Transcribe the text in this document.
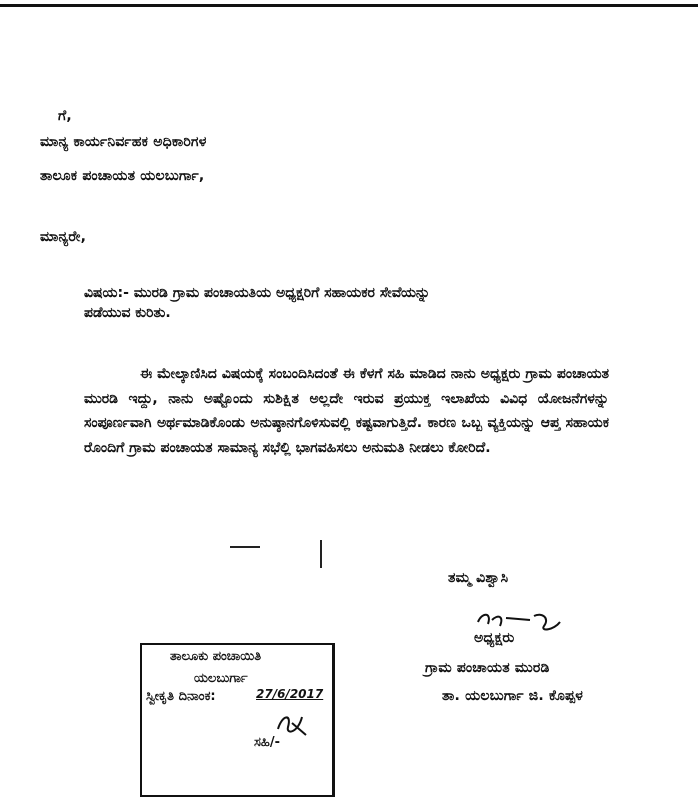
ಗೆ,
ಮಾನ್ಯ ಕಾರ್ಯನಿರ್ವಹಕ ಅಧಿಕಾರಿಗಳ
ತಾಲೂಕ ಪಂಚಾಯತ ಯಲಬುರ್ಗಾ,
ಮಾನ್ಯರೇ,
ವಿಷಯ:- ಮುರಡಿ ಗ್ರಾಮ ಪಂಚಾಯತಿಯ ಅಧ್ಯಕ್ಷರಿಗೆ ಸಹಾಯಕರ ಸೇವೆಯನ್ನು
ಪಡೆಯುವ ಕುರಿತು.
ಈ ಮೇಲ್ಕಾಣಿಸಿದ ವಿಷಯಕ್ಕೆ ಸಂಬಂದಿಸಿದಂತೆ ಈ ಕೆಳಗೆ ಸಹಿ ಮಾಡಿದ ನಾನು ಅಧ್ಯಕ್ಷರು ಗ್ರಾಮ ಪಂಚಾಯತ ಮುರಡಿ ಇದ್ದು, ನಾನು ಅಷ್ಟೊಂದು ಸುಶಿಕ್ಷಿತ ಅಲ್ಲದೇ ಇರುವ ಪ್ರಯುಕ್ತ ಇಲಾಖೆಯ ವಿವಿಧ ಯೋಜನೆಗಳನ್ನು ಸಂಪೂರ್ಣವಾಗಿ ಅರ್ಥಮಾಡಿಕೊಂಡು ಅನುಷ್ಠಾನಗೊಳಿಸುವಲ್ಲಿ ಕಷ್ಟವಾಗುತ್ತಿದೆ. ಕಾರಣ ಒಬ್ಬ ವ್ಯಕ್ತಿಯನ್ನು ಆಪ್ತ ಸಹಾಯಕ ರೊಂದಿಗೆ ಗ್ರಾಮ ಪಂಚಾಯತ ಸಾಮಾನ್ಯ ಸಭೆಲ್ಲಿ ಭಾಗವಹಿಸಲು ಅನುಮತಿ ನೀಡಲು ಕೋರಿದೆ.
ತಮ್ಮ ವಿಶ್ವಾಸಿ
ಅಧ್ಯಕ್ಷರು
ಗ್ರಾಮ ಪಂಚಾಯತ ಮುರಡಿ
ತಾ. ಯಲಬುರ್ಗಾ ಜಿ. ಕೊಪ್ಪಳ
ತಾಲೂಕು ಪಂಚಾಯಿತಿ
ಯಲಬುರ್ಗಾ
ಸ್ವೀಕೃತಿ ದಿನಾಂಕ:	27/6/2017
ಸಹಿ/-
